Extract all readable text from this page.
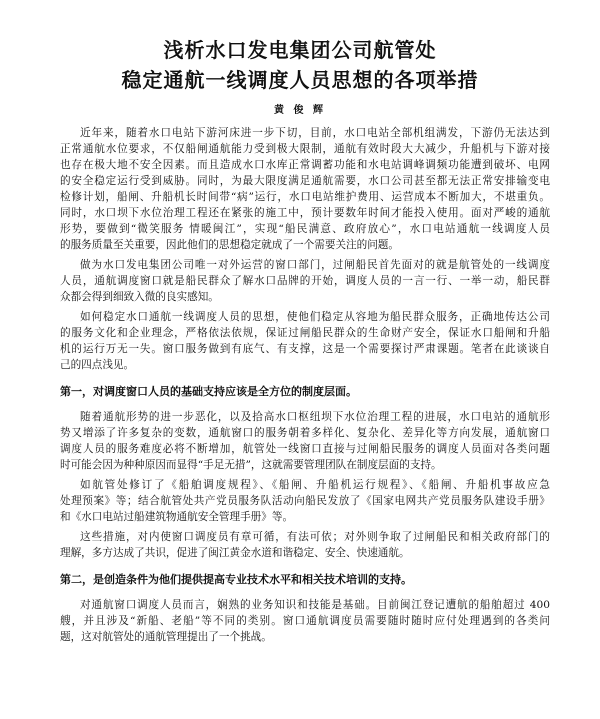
浅析水口发电集团公司航管处
稳定通航一线调度人员思想的各项举措
黄 俊 辉
近年来，随着水口电站下游河床进一步下切，目前，水口电站全部机组满发，下游仍无法达到
正常通航水位要求，不仅船闸通航能力受到极大限制，通航有效时段大大减少，升船机与下游对接
也存在极大地不安全因素。而且造成水口水库正常调蓄功能和水电站调峰调频功能遭到破坏、电网
的安全稳定运行受到威胁。同时，为最大限度满足通航需要，水口公司甚至都无法正常安排输变电
检修计划，船闸、升船机长时间带“病”运行，水口电站维护费用、运营成本不断加大，不堪重负。
同时，水口坝下水位治理工程还在紧张的施工中，预计要数年时间才能投入使用。面对严峻的通航
形势，要做到“微笑服务 情暖闽江”，实现“船民满意、政府放心”，水口电站通航一线调度人员
的服务质量至关重要，因此他们的思想稳定就成了一个需要关注的问题。
做为水口发电集团公司唯一对外运营的窗口部门，过闸船民首先面对的就是航管处的一线调度
人员，通航调度窗口就是船民群众了解水口品牌的开始，调度人员的一言一行、一举一动，船民群
众都会得到细致入微的良实感知。
如何稳定水口通航一线调度人员的思想，使他们稳定从容地为船民群众服务，正确地传达公司
的服务文化和企业理念，严格依法依规，保证过闸船民群众的生命财产安全，保证水口船闸和升船
机的运行万无一失。窗口服务做到有底气、有支撑，这是一个需要探讨严肃课题。笔者在此谈谈自
己的四点浅见。
第一，对调度窗口人员的基础支持应该是全方位的制度层面。
随着通航形势的进一步恶化，以及拾高水口枢纽坝下水位治理工程的进展，水口电站的通航形
势又增添了许多复杂的变数，通航窗口的服务朝着多样化、复杂化、差异化等方向发展，通航窗口
调度人员的服务难度必将不断增加，航管处一线窗口直接与过闸船民服务的调度人员面对各类问题
时可能会因为种种原因而显得“手足无措”，这就需要管理团队在制度层面的支持。
如航管处修订了《船舶调度规程》、《船闸、升船机运行规程》、《船闸、升船机事故应急
处理预案》等；结合航管处共产党员服务队活动向船民发放了《国家电网共产党员服务队建设手册》
和《水口电站过船建筑物通航安全管理手册》等。
这些措施，对内使窗口调度员有章可循，有法可依；对外则争取了过闸船民和相关政府部门的
理解，多方达成了共识，促进了闽江黄金水道和谐稳定、安全、快速通航。
第二，是创造条件为他们提供提高专业技术水平和相关技术培训的支持。
对通航窗口调度人员而言，娴熟的业务知识和技能是基础。目前闽江登记遭航的船舶超过 400
艘，并且涉及“新船、老船”等不同的类别。窗口通航调度员需要随时随时应付处理遇到的各类问
题，这对航管处的通航管理提出了一个挑战。
